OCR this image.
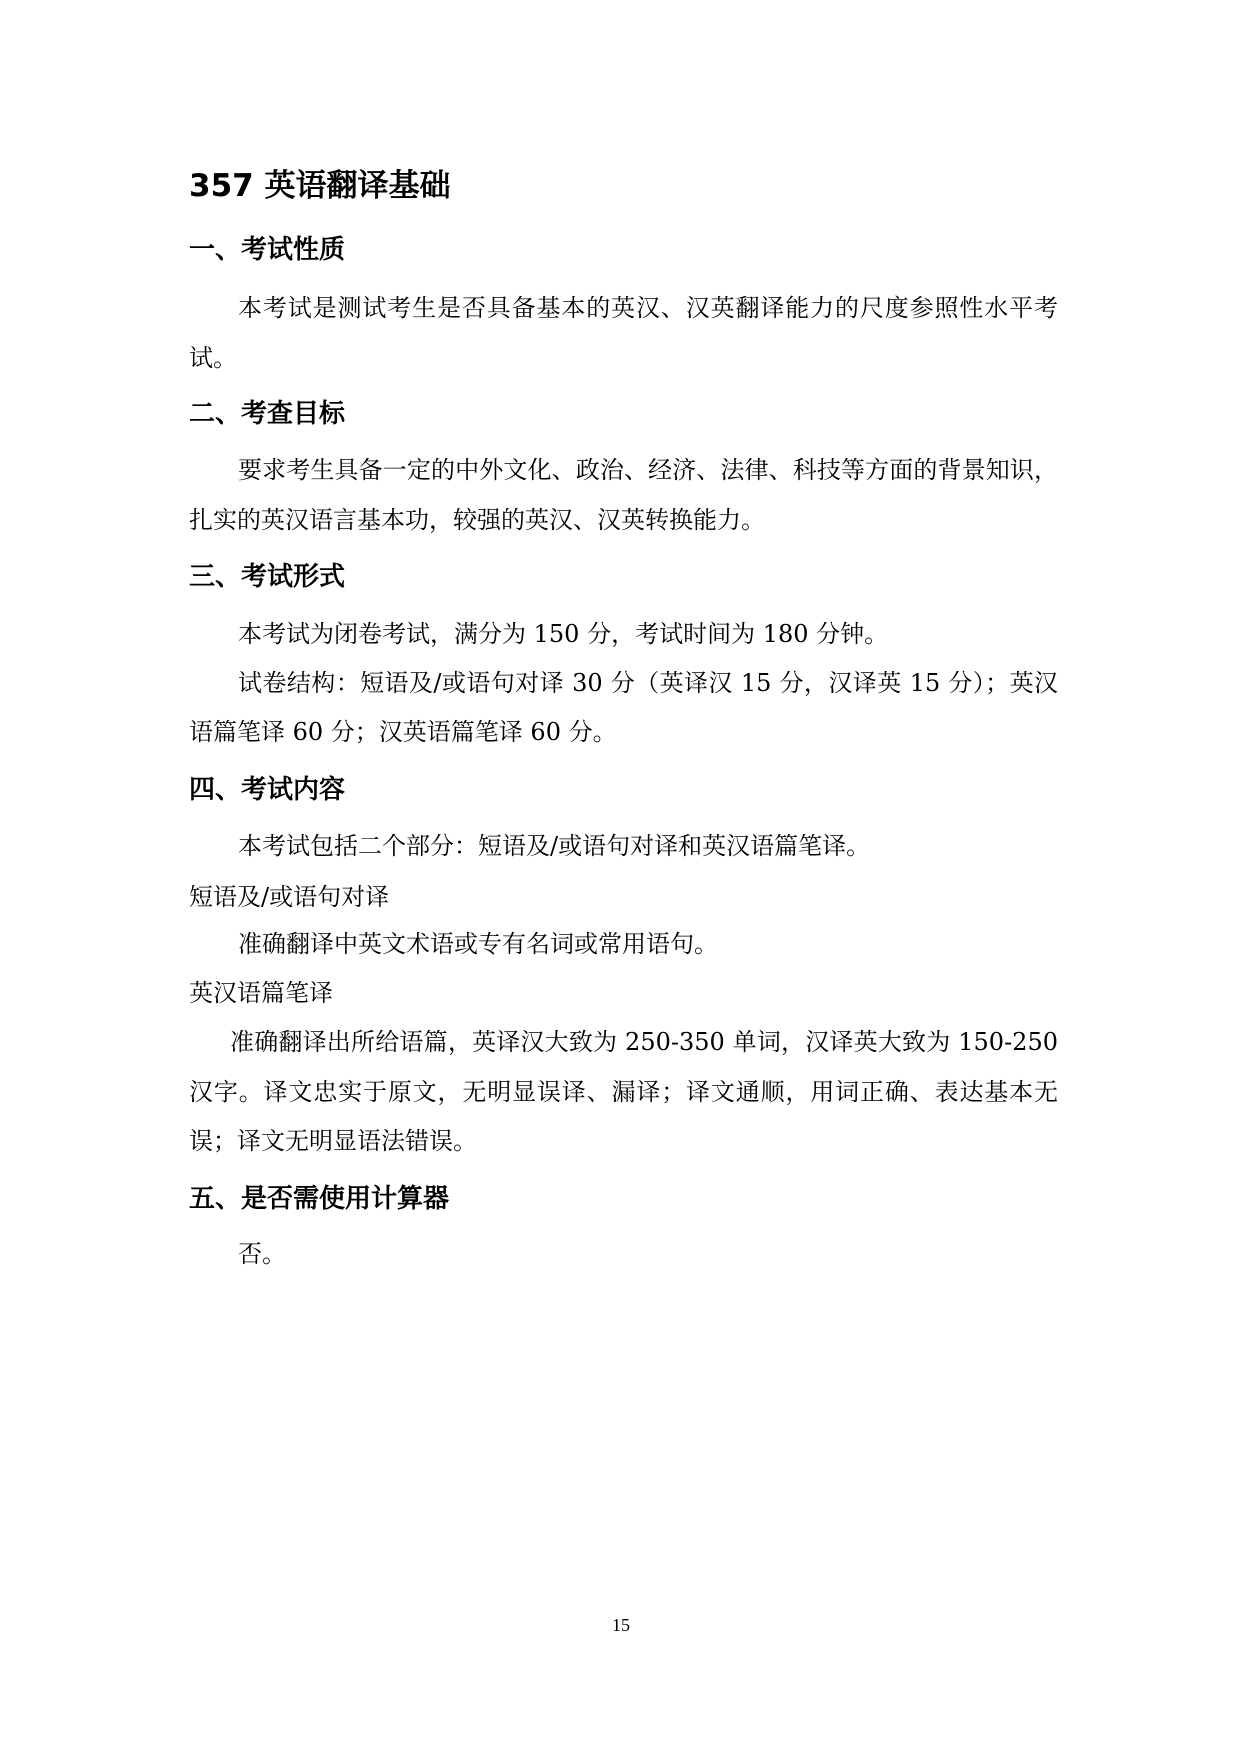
357 英语翻译基础
一、考试性质
本考试是测试考生是否具备基本的英汉、汉英翻译能力的尺度参照性水平考
试。
二、考查目标
要求考生具备一定的中外文化、政治、经济、法律、科技等方面的背景知识，
扎实的英汉语言基本功，较强的英汉、汉英转换能力。
三、考试形式
本考试为闭卷考试，满分为 150 分，考试时间为 180 分钟。
试卷结构：短语及/或语句对译 30 分（英译汉 15 分，汉译英 15 分）；英汉
语篇笔译 60 分；汉英语篇笔译 60 分。
四、考试内容
本考试包括二个部分：短语及/或语句对译和英汉语篇笔译。
短语及/或语句对译
准确翻译中英文术语或专有名词或常用语句。
英汉语篇笔译
准确翻译出所给语篇，英译汉大致为 250-350 单词，汉译英大致为 150-250
汉字。译文忠实于原文，无明显误译、漏译；译文通顺，用词正确、表达基本无
误；译文无明显语法错误。
五、是否需使用计算器
否。
15
